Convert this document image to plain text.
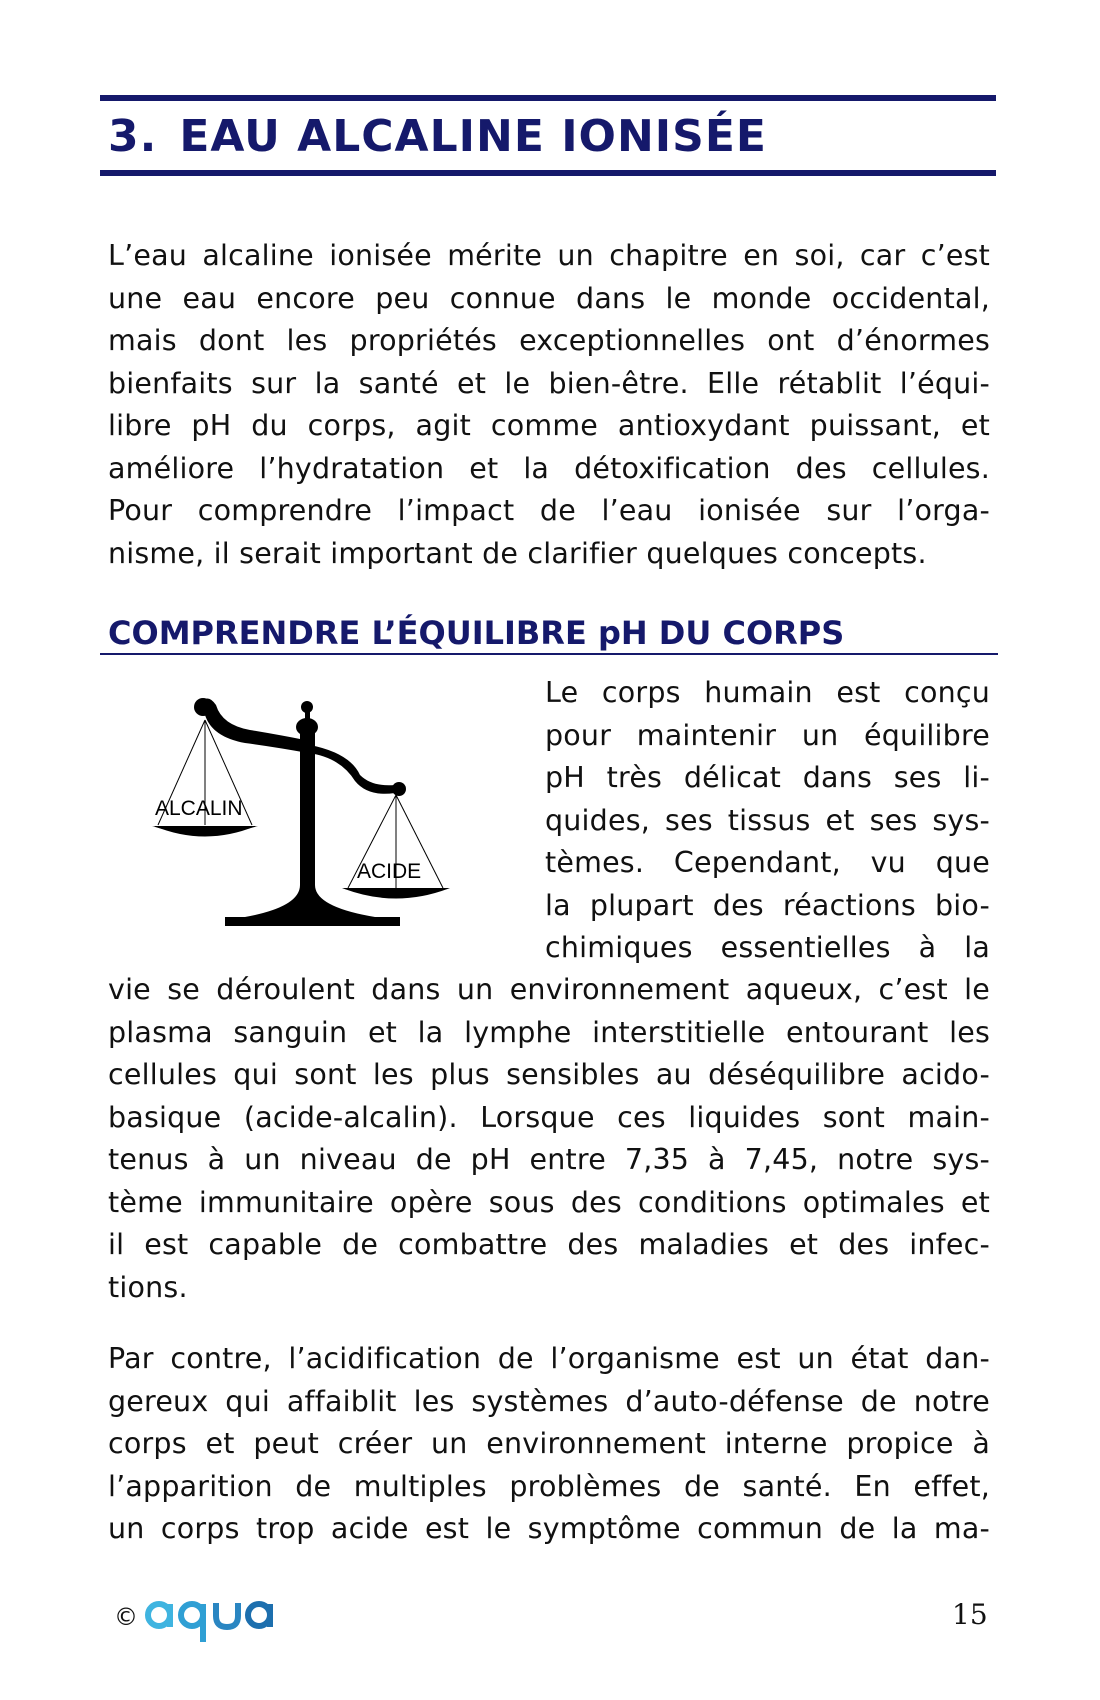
3. EAU ALCALINE IONISÉE

L’eau alcaline ionisée mérite un chapitre en soi, car c’est
une eau encore peu connue dans le monde occidental,
mais dont les propriétés exceptionnelles ont d’énormes
bienfaits sur la santé et le bien-être. Elle rétablit l’équi-
libre pH du corps, agit comme antioxydant puissant, et
améliore l’hydratation et la détoxification des cellules.
Pour comprendre l’impact de l’eau ionisée sur l’orga-
nisme, il serait important de clarifier quelques concepts.

COMPRENDRE L’ÉQUILIBRE pH DU CORPS
ALCALIN
ACIDE

Le corps humain est conçu
pour maintenir un équilibre
pH très délicat dans ses li-
quides, ses tissus et ses sys-
tèmes. Cependant, vu que
la plupart des réactions bio-
chimiques essentielles à la

vie se déroulent dans un environnement aqueux, c’est le
plasma sanguin et la lymphe interstitielle entourant les
cellules qui sont les plus sensibles au déséquilibre acido-
basique (acide-alcalin). Lorsque ces liquides sont main-
tenus à un niveau de pH entre 7,35 à 7,45, notre sys-
tème immunitaire opère sous des conditions optimales et
il est capable de combattre des maladies et des infec-
tions.

Par contre, l’acidification de l’organisme est un état dan-
gereux qui affaiblit les systèmes d’auto-défense de notre
corps et peut créer un environnement interne propice à
l’apparition de multiples problèmes de santé. En effet,
un corps trop acide est le symptôme commun de la ma-

©
aqua
15
